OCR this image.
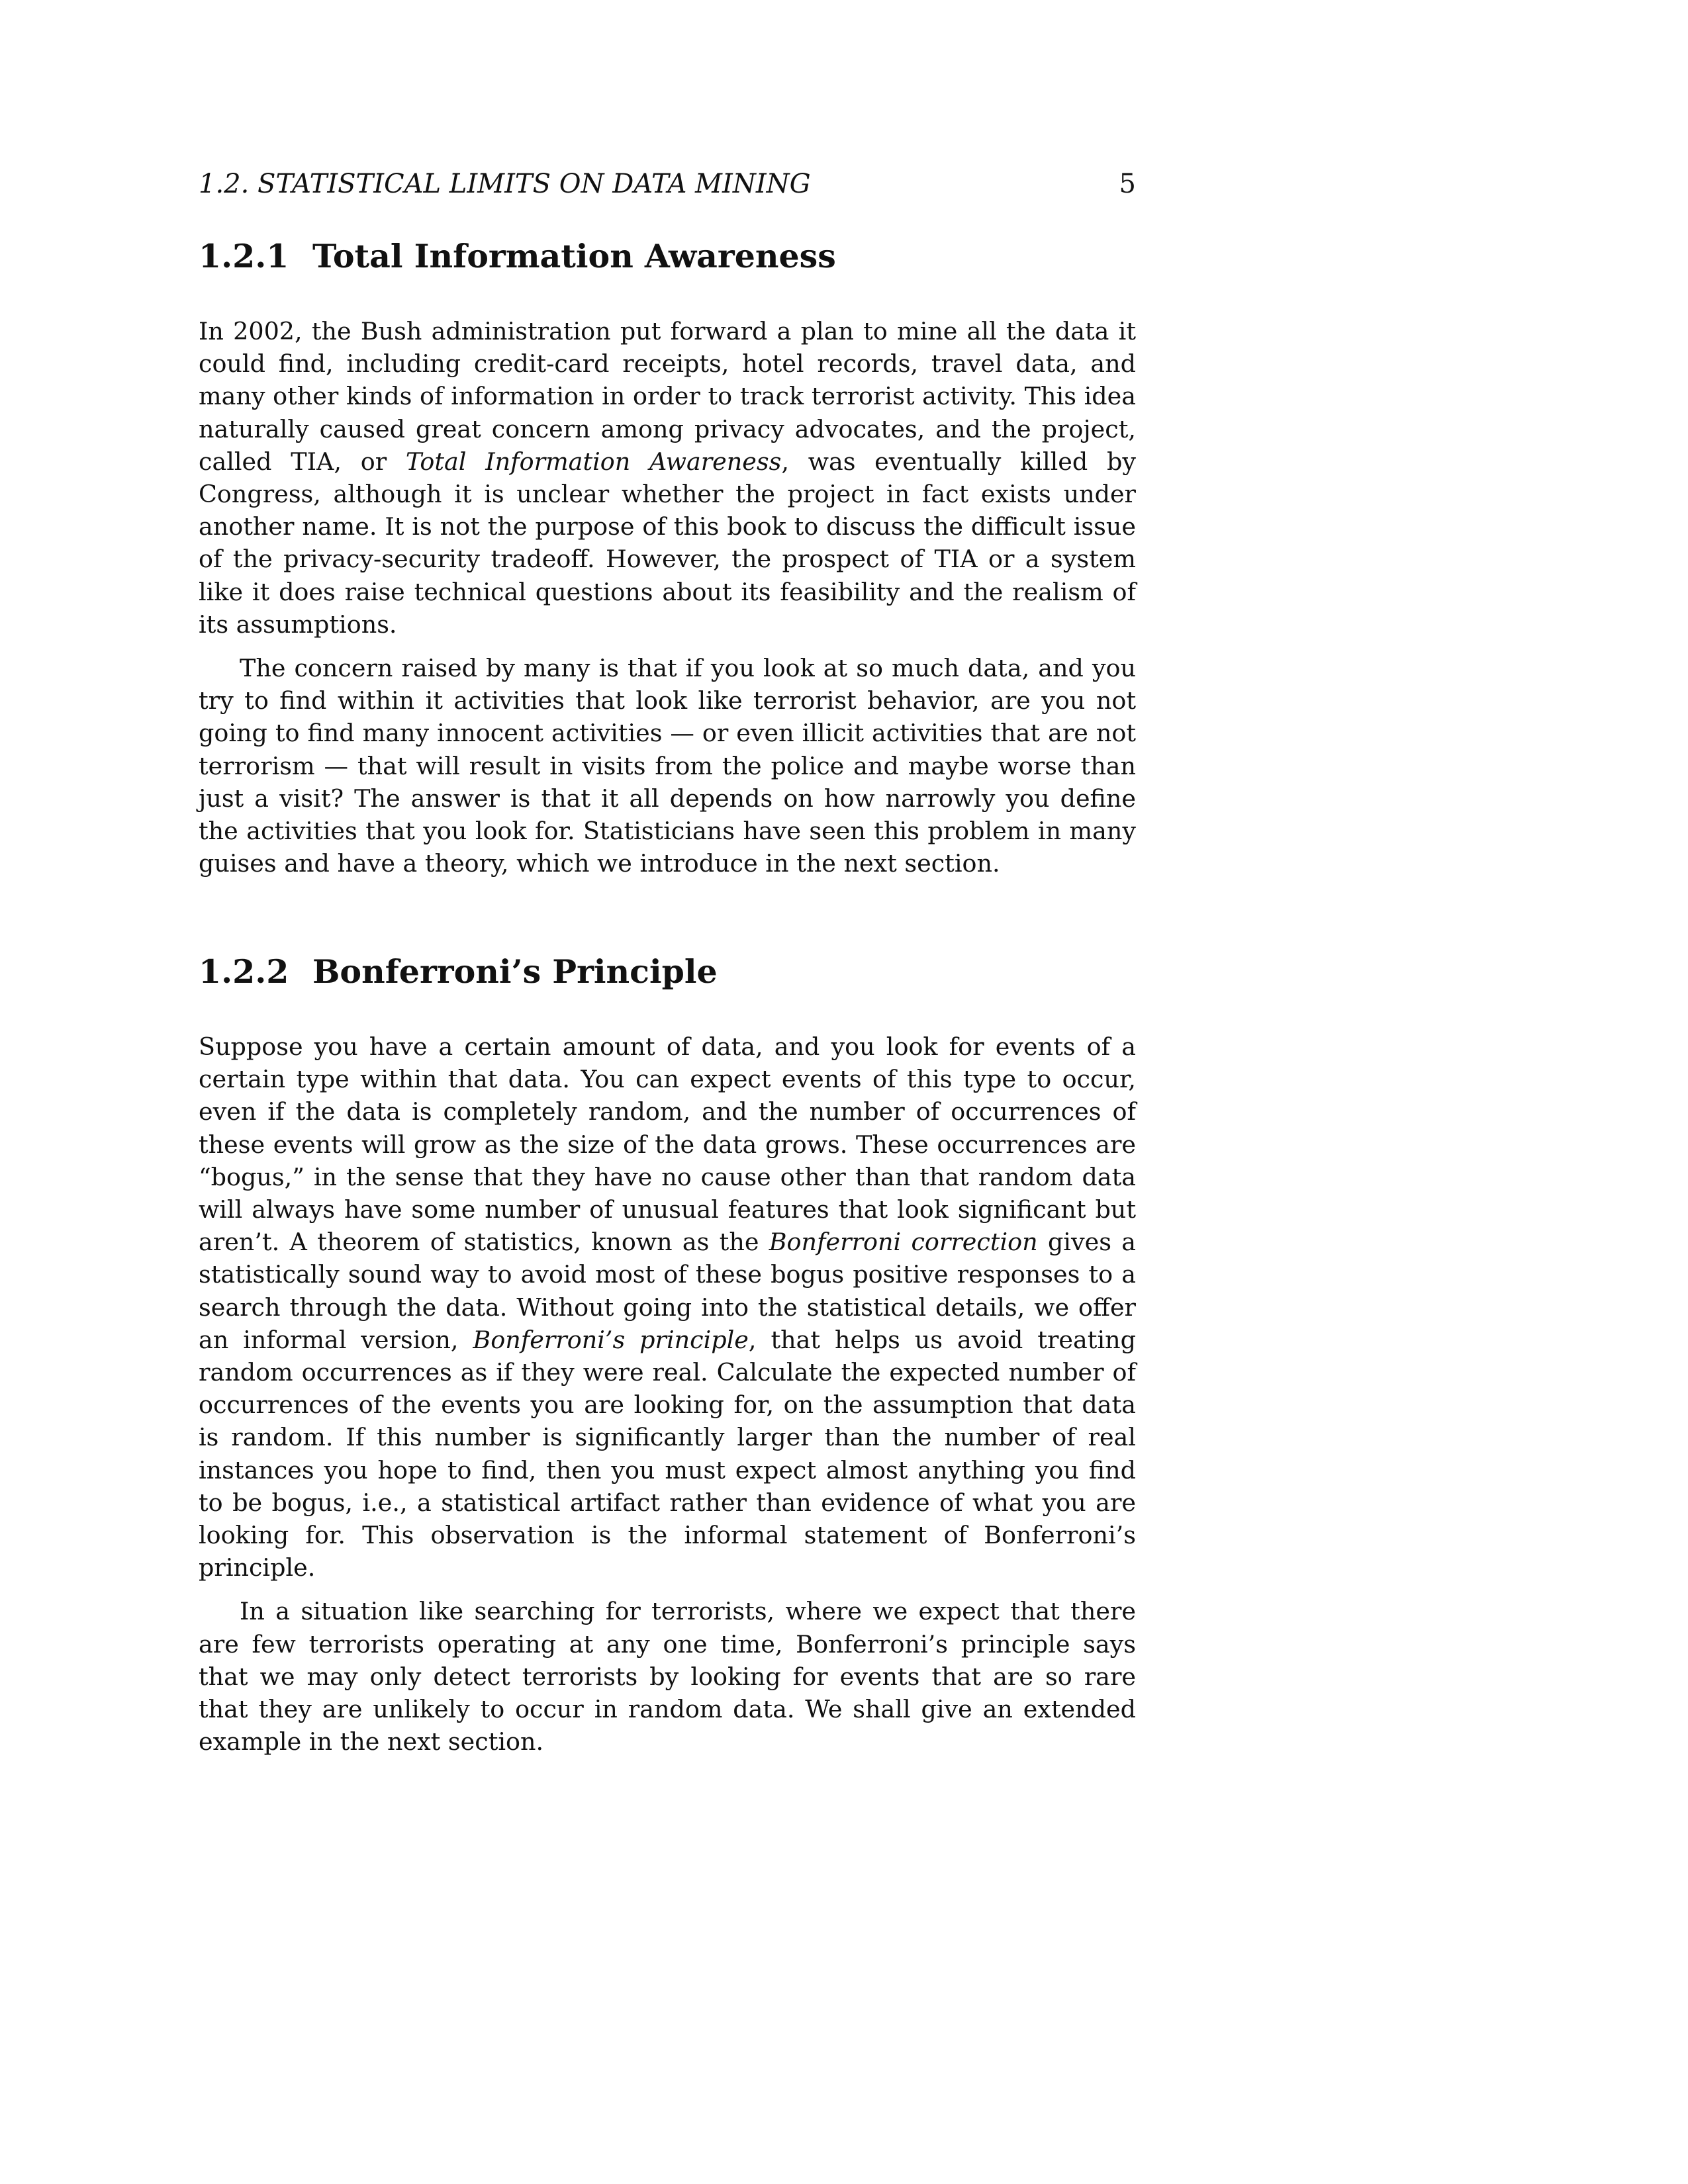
1.2. STATISTICAL LIMITS ON DATA MINING	5
1.2.1 Total Information Awareness

In 2002, the Bush administration put forward a plan to mine all the data it could find, including credit-card receipts, hotel records, travel data, and many other kinds of information in order to track terrorist activity. This idea naturally caused great concern among privacy advocates, and the project, called TIA, or Total Information Awareness, was eventually killed by Congress, although it is unclear whether the project in fact exists under another name. It is not the purpose of this book to discuss the difficult issue of the privacy-security tradeoff. However, the prospect of TIA or a system like it does raise technical questions about its feasibility and the realism of its assumptions.

The concern raised by many is that if you look at so much data, and you try to find within it activities that look like terrorist behavior, are you not going to find many innocent activities — or even illicit activities that are not terrorism — that will result in visits from the police and maybe worse than just a visit? The answer is that it all depends on how narrowly you define the activities that you look for. Statisticians have seen this problem in many guises and have a theory, which we introduce in the next section.

1.2.2 Bonferroni’s Principle

Suppose you have a certain amount of data, and you look for events of a certain type within that data. You can expect events of this type to occur, even if the data is completely random, and the number of occurrences of these events will grow as the size of the data grows. These occurrences are “bogus,” in the sense that they have no cause other than that random data will always have some number of unusual features that look significant but aren’t. A theorem of statistics, known as the Bonferroni correction gives a statistically sound way to avoid most of these bogus positive responses to a search through the data. Without going into the statistical details, we offer an informal version, Bonferroni’s principle, that helps us avoid treating random occurrences as if they were real. Calculate the expected number of occurrences of the events you are looking for, on the assumption that data is random. If this number is significantly larger than the number of real instances you hope to find, then you must expect almost anything you find to be bogus, i.e., a statistical artifact rather than evidence of what you are looking for. This observation is the informal statement of Bonferroni’s principle.

In a situation like searching for terrorists, where we expect that there are few terrorists operating at any one time, Bonferroni’s principle says that we may only detect terrorists by looking for events that are so rare that they are unlikely to occur in random data. We shall give an extended example in the next section.
